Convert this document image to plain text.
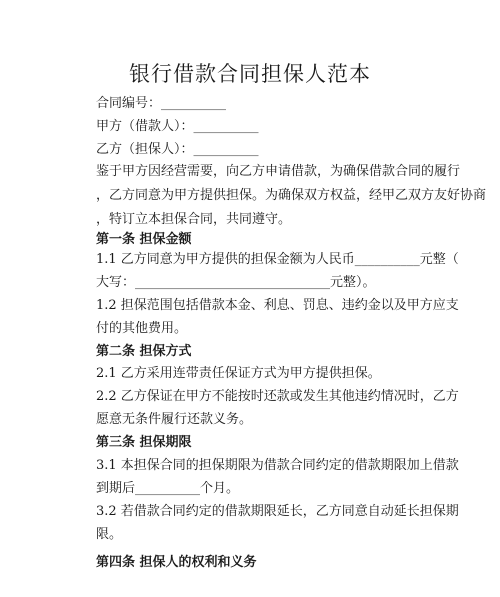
银行借款合同担保人范本
合同编号：__________
甲方（借款人）：__________
乙方（担保人）：__________
鉴于甲方因经营需要，向乙方申请借款，为确保借款合同的履行
，乙方同意为甲方提供担保。为确保双方权益，经甲乙双方友好协商
，特订立本担保合同，共同遵守。
第一条 担保金额
1.1 乙方同意为甲方提供的担保金额为人民币__________元整（
大写：______________________________元整）。
1.2 担保范围包括借款本金、利息、罚息、违约金以及甲方应支
付的其他费用。
第二条 担保方式
2.1 乙方采用连带责任保证方式为甲方提供担保。
2.2 乙方保证在甲方不能按时还款或发生其他违约情况时，乙方
愿意无条件履行还款义务。
第三条 担保期限
3.1 本担保合同的担保期限为借款合同约定的借款期限加上借款
到期后__________个月。
3.2 若借款合同约定的借款期限延长，乙方同意自动延长担保期
限。
第四条 担保人的权利和义务
